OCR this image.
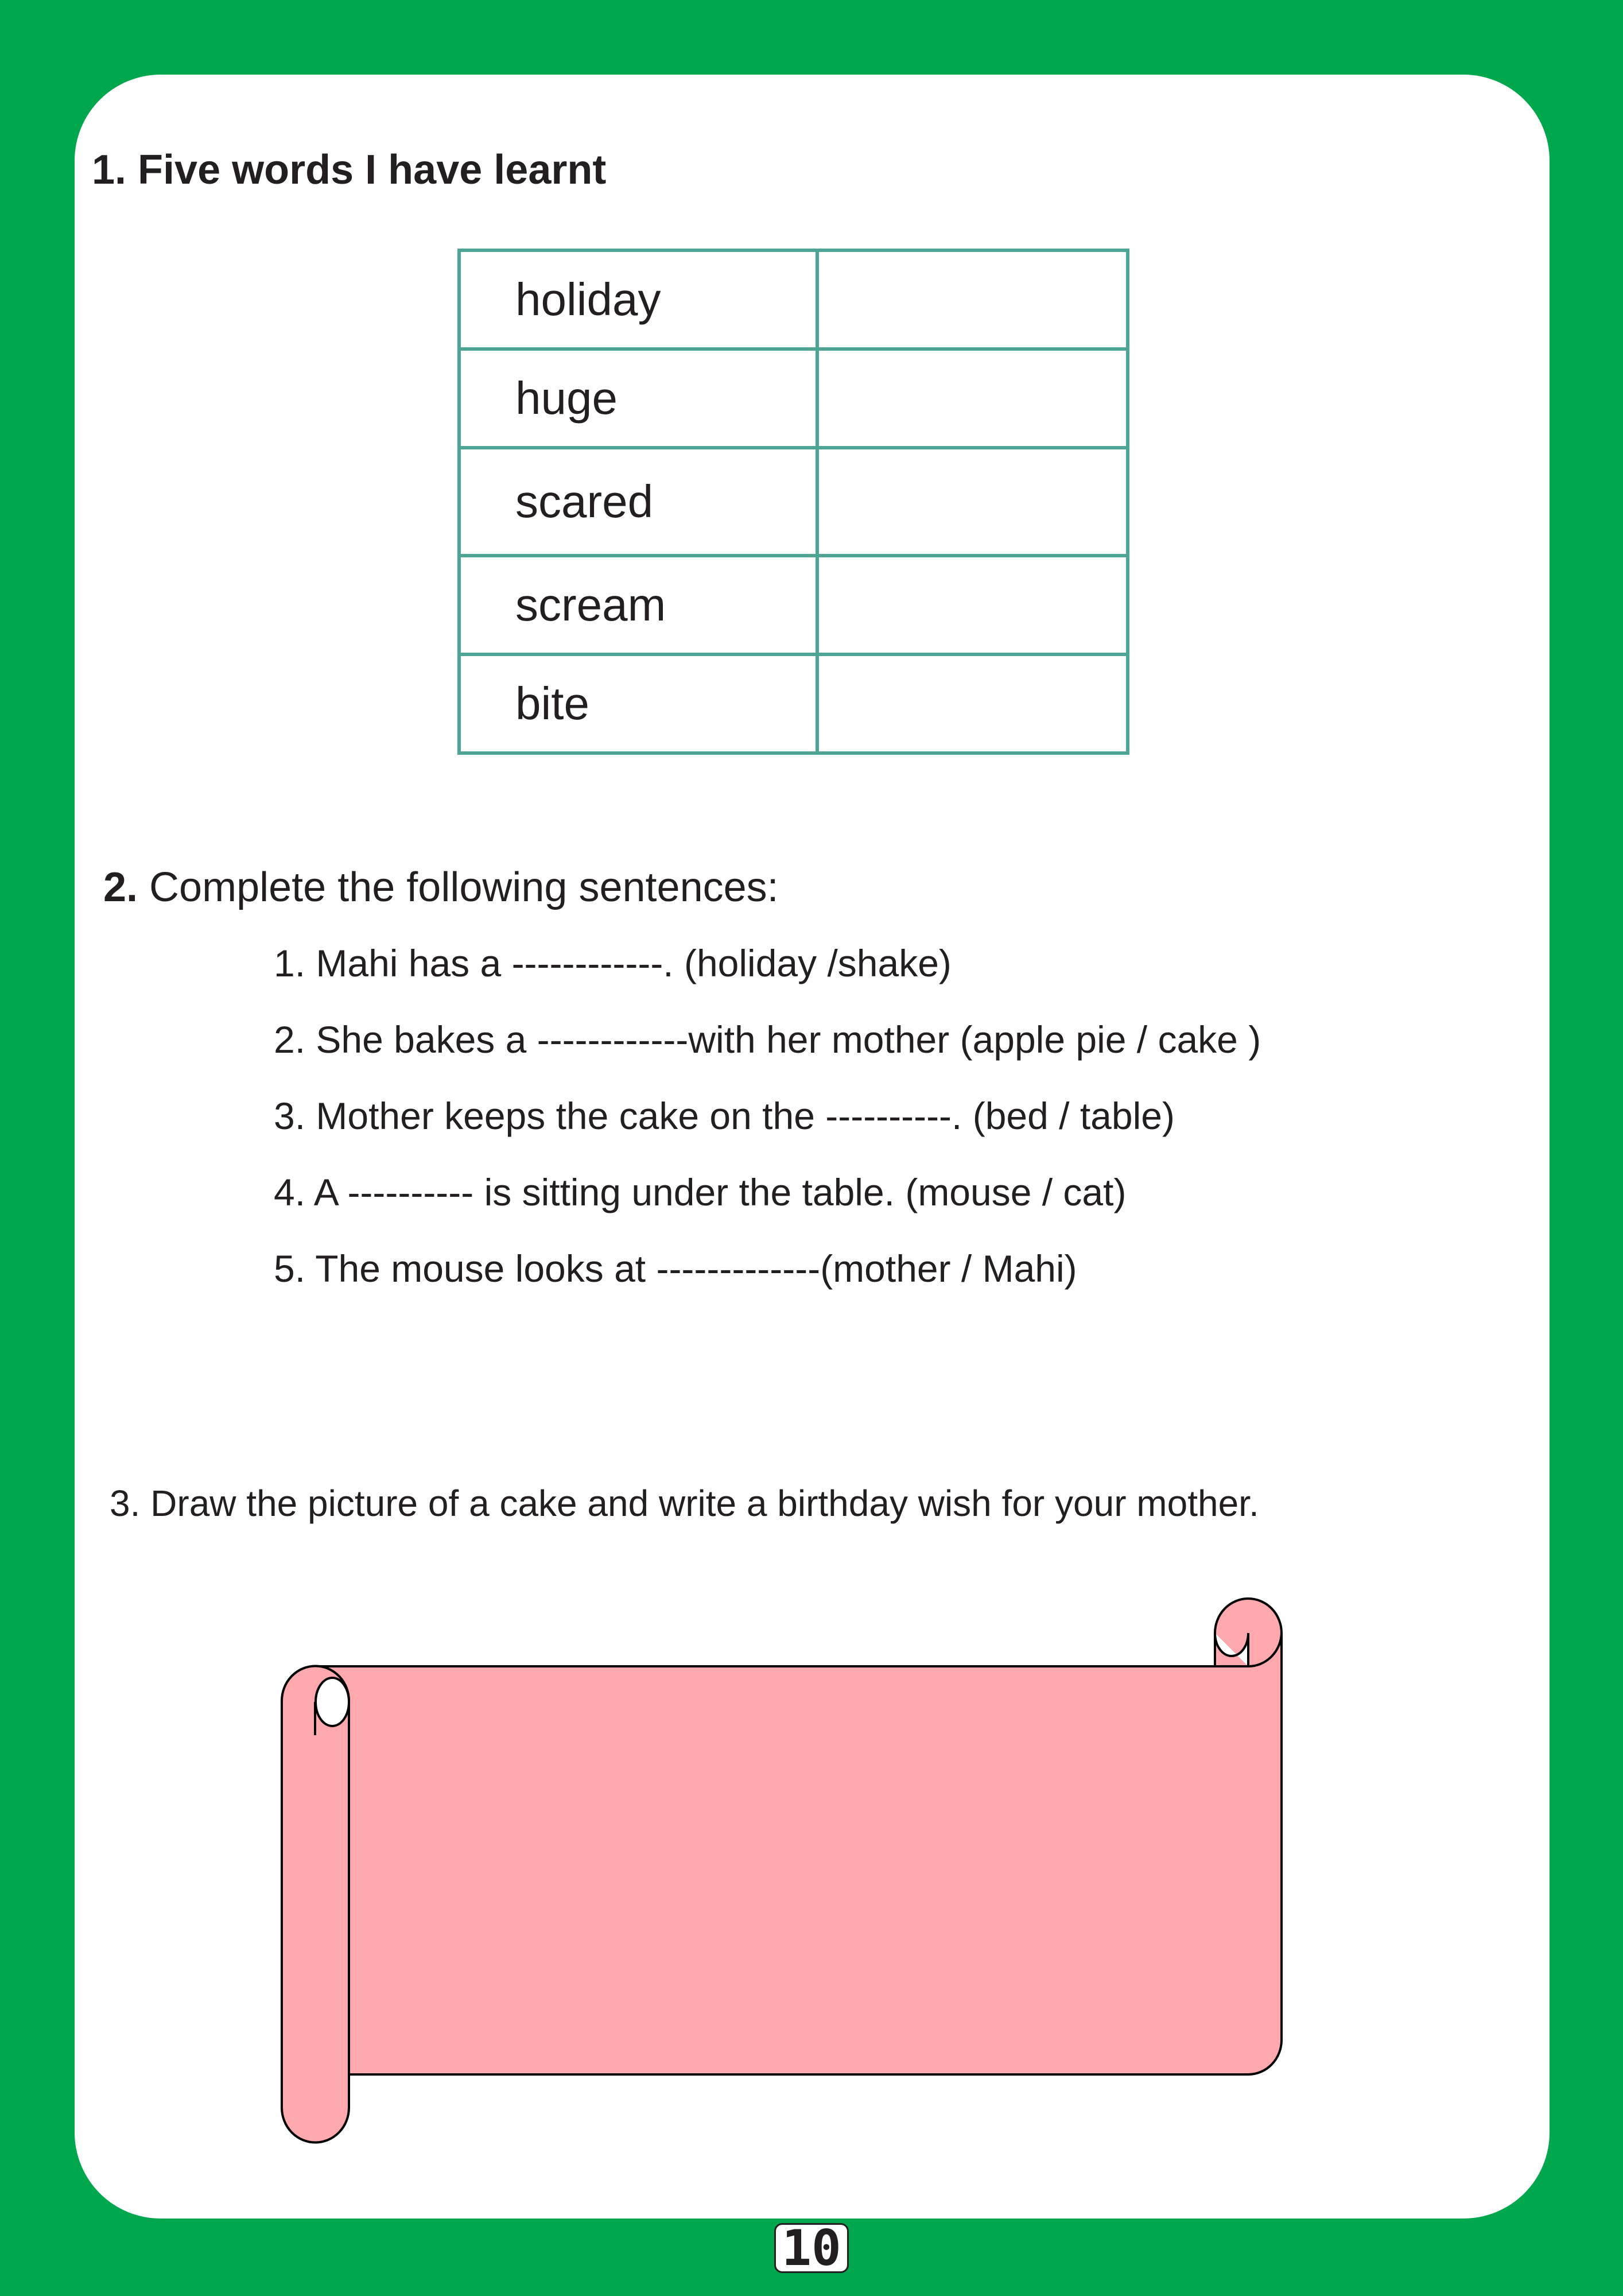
1. Five words I have learnt
holiday	
huge	
scared	
scream	
bite	
2. Complete the following sentences:
1. Mahi has a ------------. (holiday /shake)
2. She bakes a ------------with her mother (apple pie / cake )
3. Mother keeps the cake on the ----------. (bed / table)
4. A ---------- is sitting under the table. (mouse / cat)
5. The mouse looks at -------------(mother / Mahi)
3. Draw the picture of a cake and write a birthday wish for your mother.
10
